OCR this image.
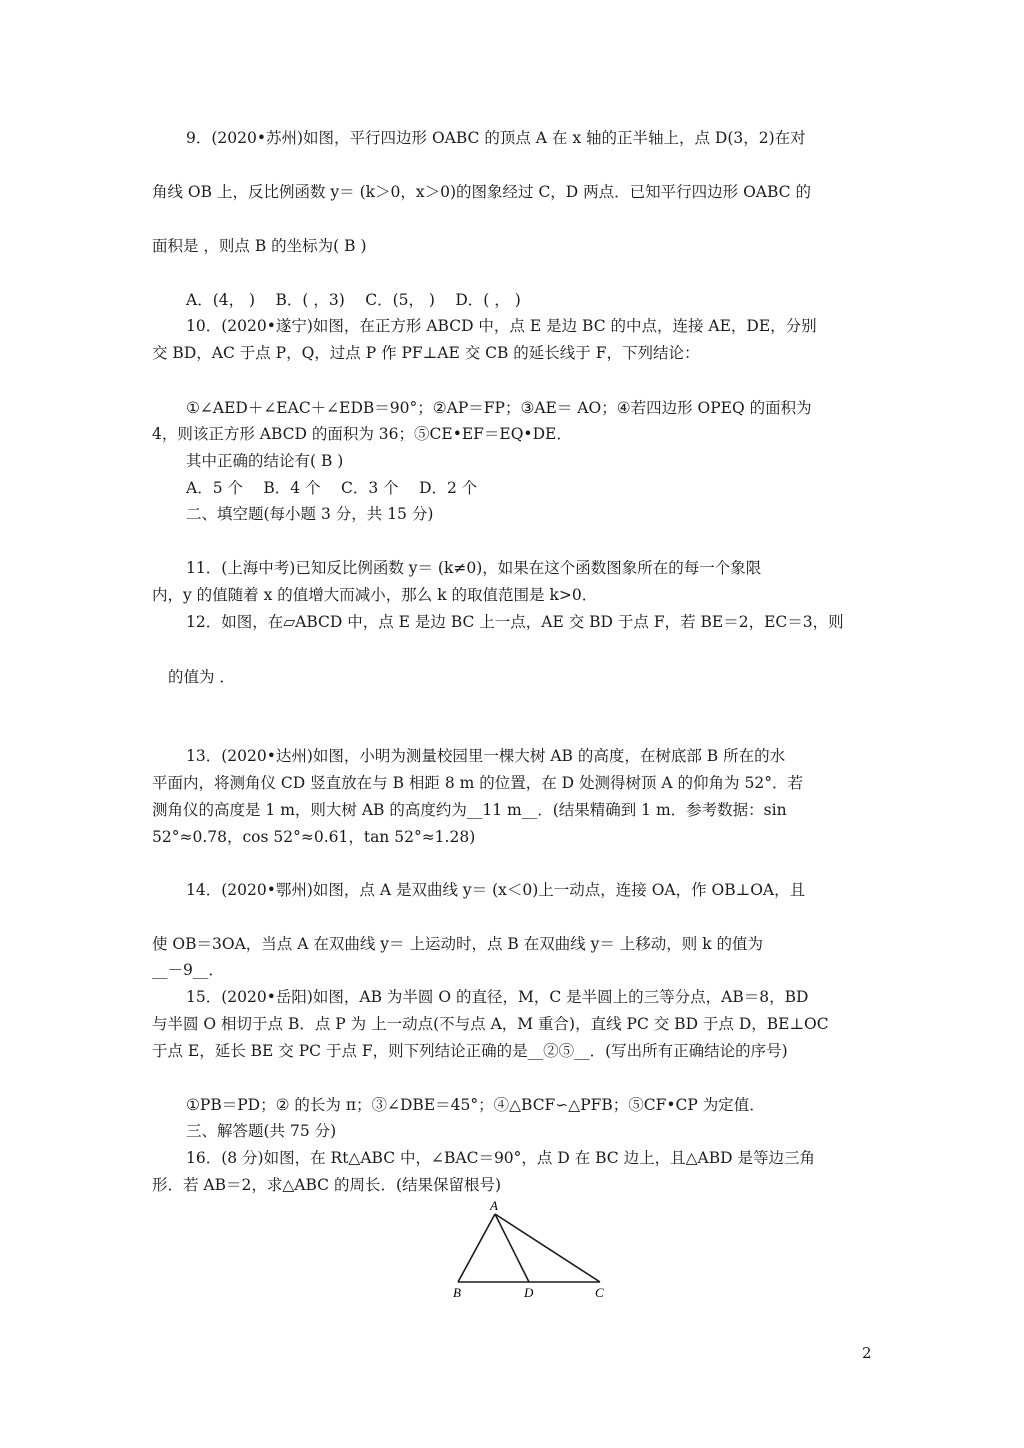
9．(2020•苏州)如图，平行四边形 OABC 的顶点 A 在 x 轴的正半轴上，点 D(3，2)在对
角线 OB 上，反比例函数 y＝ (k＞0，x＞0)的图象经过 C，D 两点．已知平行四边形 OABC 的
面积是 ，则点 B 的坐标为( B )
A．(4， )　 B．( ，3)　 C．(5， )　 D．( ， )
10．(2020•遂宁)如图，在正方形 ABCD 中，点 E 是边 BC 的中点，连接 AE，DE，分别
交 BD，AC 于点 P，Q，过点 P 作 PF⊥AE 交 CB 的延长线于 F，下列结论：
①∠AED＋∠EAC＋∠EDB＝90°；②AP＝FP；③AE＝ AO；④若四边形 OPEQ 的面积为
4，则该正方形 ABCD 的面积为 36；⑤CE•EF＝EQ•DE．
其中正确的结论有( B )
A．5 个　 B．4 个　 C．3 个　 D．2 个
二、填空题(每小题 3 分，共 15 分)
11．(上海中考)已知反比例函数 y＝ (k≠0)，如果在这个函数图象所在的每一个象限
内，y 的值随着 x 的值增大而减小，那么 k 的取值范围是 k>0．
12．如图，在▱ABCD 中，点 E 是边 BC 上一点，AE 交 BD 于点 F，若 BE＝2，EC＝3，则
的值为 ．
13．(2020•达州)如图，小明为测量校园里一棵大树 AB 的高度，在树底部 B 所在的水
平面内，将测角仪 CD 竖直放在与 B 相距 8 m 的位置，在 D 处测得树顶 A 的仰角为 52°．若
测角仪的高度是 1 m，则大树 AB 的高度约为__11 m__．(结果精确到 1 m．参考数据：sin
52°≈0.78，cos 52°≈0.61，tan 52°≈1.28)
14．(2020•鄂州)如图，点 A 是双曲线 y＝ (x＜0)上一动点，连接 OA，作 OB⊥OA，且
使 OB＝3OA，当点 A 在双曲线 y＝ 上运动时，点 B 在双曲线 y＝ 上移动，则 k 的值为
__－9__．
15．(2020•岳阳)如图，AB 为半圆 O 的直径，M，C 是半圆上的三等分点，AB＝8，BD
与半圆 O 相切于点 B．点 P 为 上一动点(不与点 A，M 重合)，直线 PC 交 BD 于点 D，BE⊥OC
于点 E，延长 BE 交 PC 于点 F，则下列结论正确的是__②⑤__．(写出所有正确结论的序号)
①PB＝PD；② 的长为 π；③∠DBE＝45°；④△BCF∽△PFB；⑤CF•CP 为定值．
三、解答题(共 75 分)
16．(8 分)如图，在 Rt△ABC 中，∠BAC＝90°，点 D 在 BC 边上，且△ABD 是等边三角
形．若 AB＝2，求△ABC 的周长．(结果保留根号)
A
B	D	C
2
